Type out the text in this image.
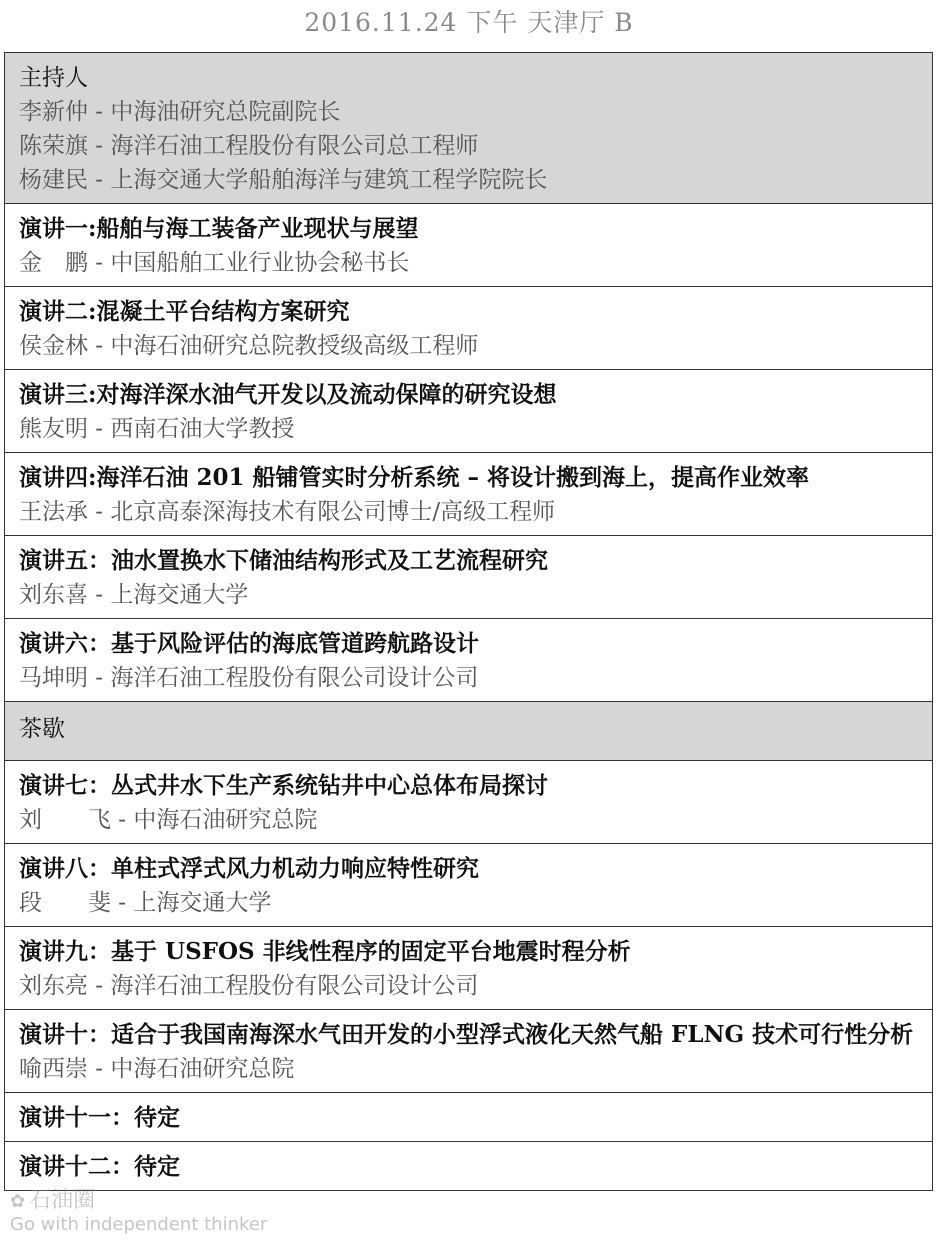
2016.11.24 下午 天津厅 B
主持人
李新仲 - 中海油研究总院副院长
陈荣旗 - 海洋石油工程股份有限公司总工程师
杨建民 - 上海交通大学船舶海洋与建筑工程学院院长
演讲一:船舶与海工装备产业现状与展望
金　鹏 - 中国船舶工业行业协会秘书长
演讲二:混凝土平台结构方案研究
侯金林 - 中海石油研究总院教授级高级工程师
演讲三:对海洋深水油气开发以及流动保障的研究设想
熊友明 - 西南石油大学教授
演讲四:海洋石油 201 船铺管实时分析系统 – 将设计搬到海上，提高作业效率
王法承 - 北京高泰深海技术有限公司博士/高级工程师
演讲五：油水置换水下储油结构形式及工艺流程研究
刘东喜 - 上海交通大学
演讲六：基于风险评估的海底管道跨航路设计
马坤明 - 海洋石油工程股份有限公司设计公司
茶歇
演讲七：丛式井水下生产系统钻井中心总体布局探讨
刘　　飞 - 中海石油研究总院
演讲八：单柱式浮式风力机动力响应特性研究
段　　斐 - 上海交通大学
演讲九：基于 USFOS 非线性程序的固定平台地震时程分析
刘东亮 - 海洋石油工程股份有限公司设计公司
演讲十：适合于我国南海深水气田开发的小型浮式液化天然气船 FLNG 技术可行性分析
喻西崇 - 中海石油研究总院
演讲十一：待定
演讲十二：待定
✿ 石油圈
Go with independent thinker
